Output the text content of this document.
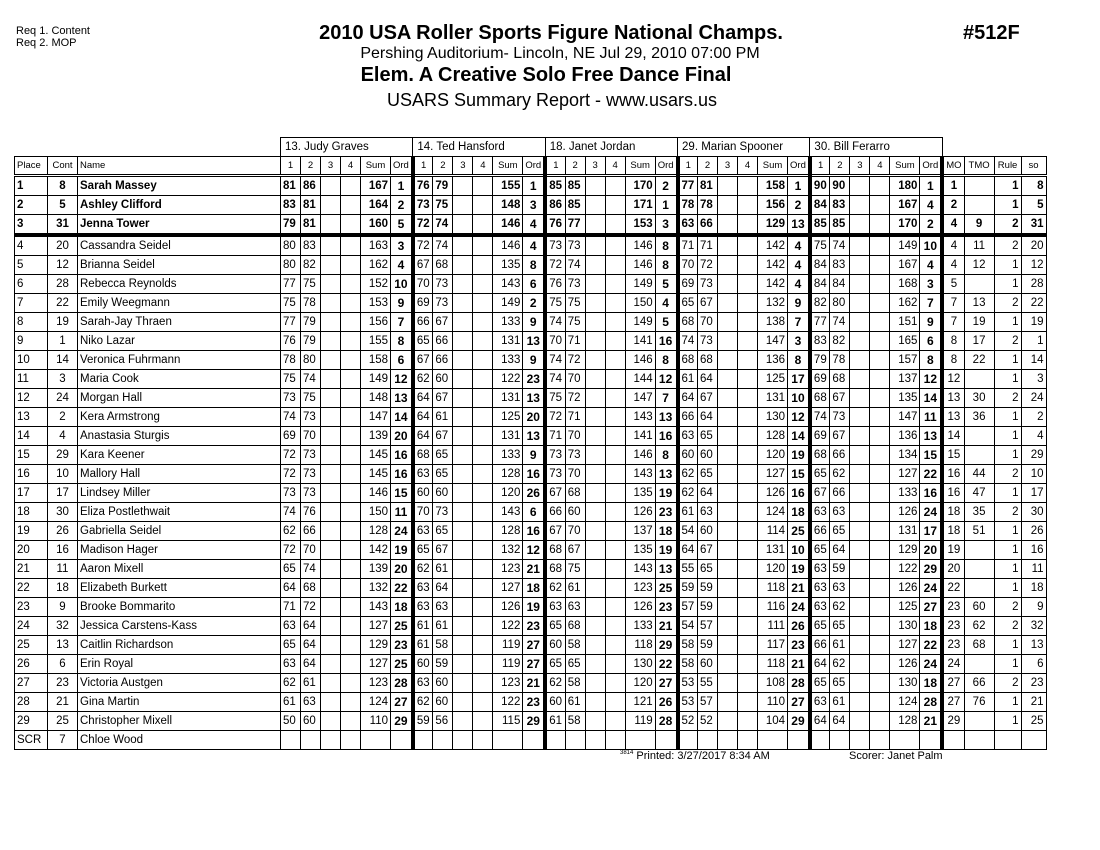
Req 1. Content
Req 2. MOP	2010 USA Roller Sports Figure National Champs.
Pershing Auditorium- Lincoln, NE Jul 29, 2010 07:00 PM
Elem. A Creative Solo Free Dance Final
USARS Summary Report - www.usars.us
#512F
			13. Judy Graves						14. Ted Hansford						18. Janet Jordan						29. Marian Spooner						30. Bill Ferarro									
Place	Cont	Name	1	2	3	4	Sum	Ord	1	2	3	4	Sum	Ord	1	2	3	4	Sum	Ord	1	2	3	4	Sum	Ord	1	2	3	4	Sum	Ord	MO	TMO	Rule	so
1	8	Sarah Massey	81	86			167	1	76	79			155	1	85	85			170	2	77	81			158	1	90	90			180	1	1		1	8
2	5	Ashley Clifford	83	81			164	2	73	75			148	3	86	85			171	1	78	78			156	2	84	83			167	4	2		1	5
3	31	Jenna Tower	79	81			160	5	72	74			146	4	76	77			153	3	63	66			129	13	85	85			170	2	4	9	2	31
4	20	Cassandra Seidel	80	83			163	3	72	74			146	4	73	73			146	8	71	71			142	4	75	74			149	10	4	11	2	20
5	12	Brianna Seidel	80	82			162	4	67	68			135	8	72	74			146	8	70	72			142	4	84	83			167	4	4	12	1	12
6	28	Rebecca Reynolds	77	75			152	10	70	73			143	6	76	73			149	5	69	73			142	4	84	84			168	3	5		1	28
7	22	Emily Weegmann	75	78			153	9	69	73			149	2	75	75			150	4	65	67			132	9	82	80			162	7	7	13	2	22
8	19	Sarah-Jay Thraen	77	79			156	7	66	67			133	9	74	75			149	5	68	70			138	7	77	74			151	9	7	19	1	19
9	1	Niko Lazar	76	79			155	8	65	66			131	13	70	71			141	16	74	73			147	3	83	82			165	6	8	17	2	1
10	14	Veronica Fuhrmann	78	80			158	6	67	66			133	9	74	72			146	8	68	68			136	8	79	78			157	8	8	22	1	14
11	3	Maria Cook	75	74			149	12	62	60			122	23	74	70			144	12	61	64			125	17	69	68			137	12	12		1	3
12	24	Morgan Hall	73	75			148	13	64	67			131	13	75	72			147	7	64	67			131	10	68	67			135	14	13	30	2	24
13	2	Kera Armstrong	74	73			147	14	64	61			125	20	72	71			143	13	66	64			130	12	74	73			147	11	13	36	1	2
14	4	Anastasia Sturgis	69	70			139	20	64	67			131	13	71	70			141	16	63	65			128	14	69	67			136	13	14		1	4
15	29	Kara Keener	72	73			145	16	68	65			133	9	73	73			146	8	60	60			120	19	68	66			134	15	15		1	29
16	10	Mallory Hall	72	73			145	16	63	65			128	16	73	70			143	13	62	65			127	15	65	62			127	22	16	44	2	10
17	17	Lindsey Miller	73	73			146	15	60	60			120	26	67	68			135	19	62	64			126	16	67	66			133	16	16	47	1	17
18	30	Eliza Postlethwait	74	76			150	11	70	73			143	6	66	60			126	23	61	63			124	18	63	63			126	24	18	35	2	30
19	26	Gabriella Seidel	62	66			128	24	63	65			128	16	67	70			137	18	54	60			114	25	66	65			131	17	18	51	1	26
20	16	Madison Hager	72	70			142	19	65	67			132	12	68	67			135	19	64	67			131	10	65	64			129	20	19		1	16
21	11	Aaron Mixell	65	74			139	20	62	61			123	21	68	75			143	13	55	65			120	19	63	59			122	29	20		1	11
22	18	Elizabeth Burkett	64	68			132	22	63	64			127	18	62	61			123	25	59	59			118	21	63	63			126	24	22		1	18
23	9	Brooke Bommarito	71	72			143	18	63	63			126	19	63	63			126	23	57	59			116	24	63	62			125	27	23	60	2	9
24	32	Jessica Carstens-Kass	63	64			127	25	61	61			122	23	65	68			133	21	54	57			111	26	65	65			130	18	23	62	2	32
25	13	Caitlin Richardson	65	64			129	23	61	58			119	27	60	58			118	29	58	59			117	23	66	61			127	22	23	68	1	13
26	6	Erin Royal	63	64			127	25	60	59			119	27	65	65			130	22	58	60			118	21	64	62			126	24	24		1	6
27	23	Victoria Austgen	62	61			123	28	63	60			123	21	62	58			120	27	53	55			108	28	65	65			130	18	27	66	2	23
28	21	Gina Martin	61	63			124	27	62	60			122	23	60	61			121	26	53	57			110	27	63	61			124	28	27	76	1	21
29	25	Christopher Mixell	50	60			110	29	59	56			115	29	61	58			119	28	52	52			104	29	64	64			128	21	29		1	25
SCR	7	Chloe Wood																																		
$^{3814}$ Printed: 3/27/2017 8:34 AM	Scorer: Janet Palm
